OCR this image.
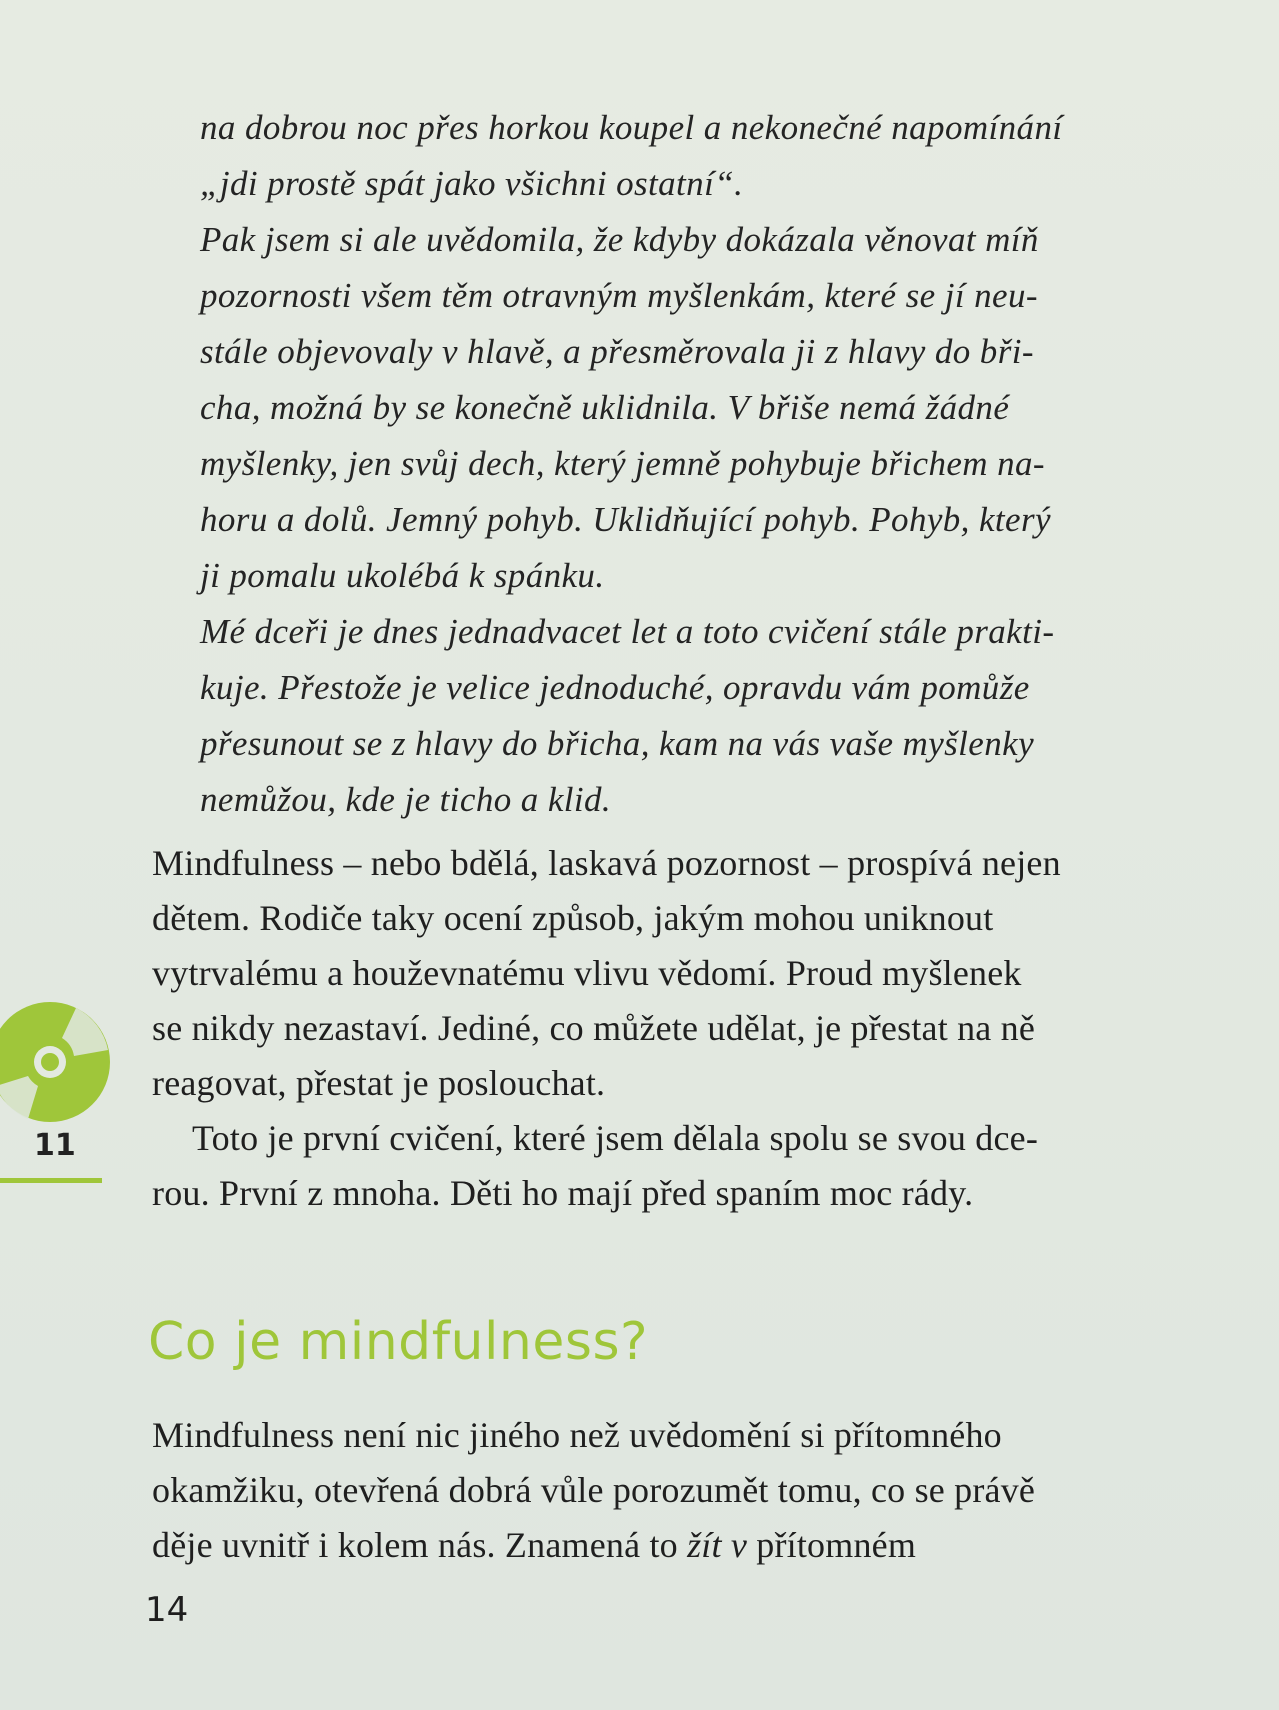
na dobrou noc přes horkou koupel a nekonečné napomínání
„jdi prostě spát jako všichni ostatní“.

Pak jsem si ale uvědomila, že kdyby dokázala věnovat míň
pozornosti všem těm otravným myšlenkám, které se jí neu-
stále objevovaly v hlavě, a přesměrovala ji z hlavy do bři-
cha, možná by se konečně uklidnila. V břiše nemá žádné
myšlenky, jen svůj dech, který jemně pohybuje břichem na-
horu a dolů. Jemný pohyb. Uklidňující pohyb. Pohyb, který
ji pomalu ukolébá k spánku.

Mé dceři je dnes jednadvacet let a toto cvičení stále prakti-
kuje. Přestože je velice jednoduché, opravdu vám pomůže
přesunout se z hlavy do břicha, kam na vás vaše myšlenky
nemůžou, kde je ticho a klid.

Mindfulness – nebo bdělá, laskavá pozornost – prospívá nejen
dětem. Rodiče taky ocení způsob, jakým mohou uniknout
vytrvalému a houževnatému vlivu vědomí. Proud myšlenek
se nikdy nezastaví. Jediné, co můžete udělat, je přestat na ně
reagovat, přestat je poslouchat.
Toto je první cvičení, které jsem dělala spolu se svou dce-
rou. První z mnoha. Děti ho mají před spaním moc rády.
11
Co je mindfulness?
Mindfulness není nic jiného než uvědomění si přítomného
okamžiku, otevřená dobrá vůle porozumět tomu, co se právě
děje uvnitř i kolem nás. Znamená to žít v přítomném
14
